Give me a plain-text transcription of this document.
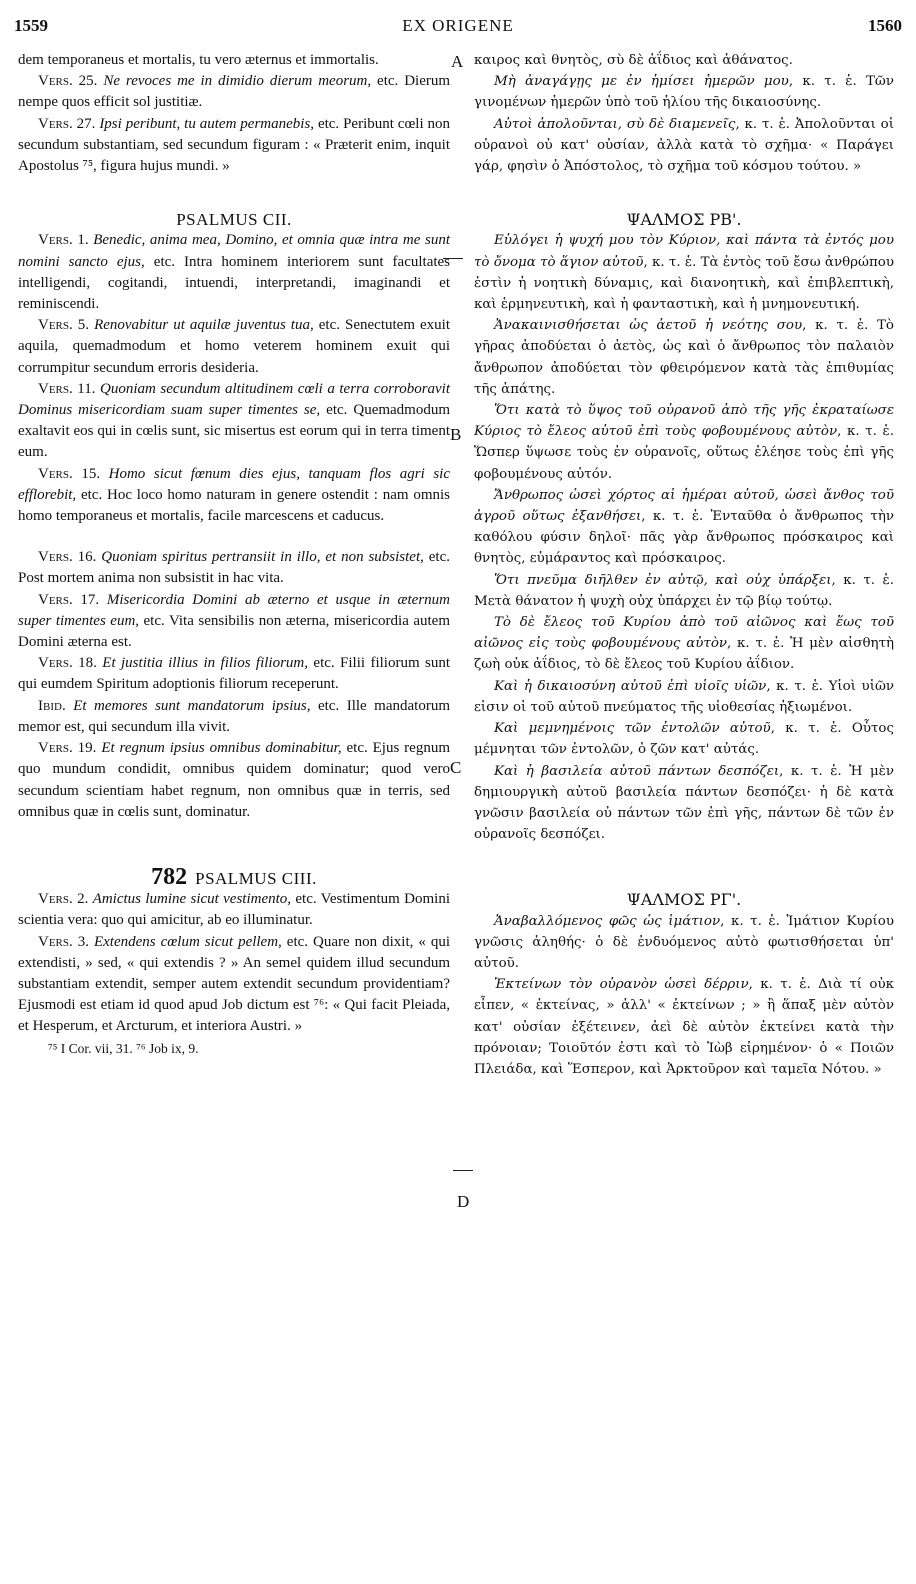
1559	EX ORIGENE	1560
A
B
C
D

dem temporaneus et mortalis, tu vero æternus et immortalis.

Vers. 25. Ne revoces me in dimidio dierum meorum, etc. Dierum nempe quos efficit sol justitiæ.

Vers. 27. Ipsi peribunt, tu autem permanebis, etc. Peribunt cœli non secundum substantiam, sed secundum figuram : « Præterit enim, inquit Apostolus ⁷⁵, figura hujus mundi. »

PSALMUS CII.

Vers. 1. Benedic, anima mea, Domino, et omnia quæ intra me sunt nomini sancto ejus, etc. Intra hominem interiorem sunt facultates intelligendi, cogitandi, intuendi, interpretandi, imaginandi et reminiscendi.

Vers. 5. Renovabitur ut aquilæ juventus tua, etc. Senectutem exuit aquila, quemadmodum et homo veterem hominem exuit qui corrumpitur secundum erroris desideria.

Vers. 11. Quoniam secundum altitudinem cœli a terra corroboravit Dominus misericordiam suam super timentes se, etc. Quemadmodum exaltavit eos qui in cœlis sunt, sic misertus est eorum qui in terra timent eum.

Vers. 15. Homo sicut fœnum dies ejus, tanquam flos agri sic efflorebit, etc. Hoc loco homo naturam in genere ostendit : nam omnis homo temporaneus et mortalis, facile marcescens et caducus.

Vers. 16. Quoniam spiritus pertransiit in illo, et non subsistet, etc. Post mortem anima non subsistit in hac vita.

Vers. 17. Misericordia Domini ab æterno et usque in æternum super timentes eum, etc. Vita sensibilis non æterna, misericordia autem Domini æterna est.

Vers. 18. Et justitia illius in filios filiorum, etc. Filii filiorum sunt qui eumdem Spiritum adoptionis filiorum receperunt.

Ibid. Et memores sunt mandatorum ipsius, etc. Ille mandatorum memor est, qui secundum illa vivit.

Vers. 19. Et regnum ipsius omnibus dominabitur, etc. Ejus regnum quo mundum condidit, omnibus quidem dominatur; quod vero secundum scientiam habet regnum, non omnibus quæ in terris, sed omnibus quæ in cœlis sunt, dominatur.

782 PSALMUS CIII.

Vers. 2. Amictus lumine sicut vestimento, etc. Vestimentum Domini scientia vera: quo qui amicitur, ab eo illuminatur.

Vers. 3. Extendens cœlum sicut pellem, etc. Quare non dixit, « qui extendisti, » sed, « qui extendis ? » An semel quidem illud secundum substantiam extendit, semper autem extendit secundum providentiam? Ejusmodi est etiam id quod apud Job dictum est ⁷⁶: « Qui facit Pleiada, et Hesperum, et Arcturum, et interiora Austri. »

⁷⁵ I Cor. vii, 31. ⁷⁶ Job ix, 9.

καιρος καὶ θνητὸς, σὺ δὲ ἀΐδιος καὶ ἀθάνατος.

Μὴ ἀναγάγῃς με ἐν ἡμίσει ἡμερῶν μου, κ. τ. ἑ. Τῶν γινομένων ἡμερῶν ὑπὸ τοῦ ἡλίου τῆς δικαιοσύνης.

Αὐτοὶ ἀπολοῦνται, σὺ δὲ διαμενεῖς, κ. τ. ἑ. Ἀπολοῦνται οἱ οὐρανοὶ οὐ κατ' οὐσίαν, ἀλλὰ κατὰ τὸ σχῆμα· « Παράγει γάρ, φησὶν ὁ Ἀπόστολος, τὸ σχῆμα τοῦ κόσμου τούτου. »

ΨΑΛΜΟΣ ΡΒ'.

Εὐλόγει ἡ ψυχή μου τὸν Κύριον, καὶ πάντα τὰ ἐντός μου τὸ ὄνομα τὸ ἅγιον αὐτοῦ, κ. τ. ἑ. Τὰ ἐντὸς τοῦ ἔσω ἀνθρώπου ἐστὶν ἡ νοητικὴ δύναμις, καὶ διανοητικὴ, καὶ ἐπιβλεπτικὴ, καὶ ἑρμηνευτικὴ, καὶ ἡ φανταστικὴ, καὶ ἡ μνημονευτική.

Ἀνακαινισθήσεται ὡς ἀετοῦ ἡ νεότης σου, κ. τ. ἑ. Τὸ γῆρας ἀποδύεται ὁ ἀετὸς, ὡς καὶ ὁ ἄνθρωπος τὸν παλαιὸν ἄνθρωπον ἀποδύεται τὸν φθειρόμενον κατὰ τὰς ἐπιθυμίας τῆς ἀπάτης.

Ὅτι κατὰ τὸ ὕψος τοῦ οὐρανοῦ ἀπὸ τῆς γῆς ἐκραταίωσε Κύριος τὸ ἔλεος αὐτοῦ ἐπὶ τοὺς φοβουμένους αὐτὸν, κ. τ. ἑ. Ὥσπερ ὕψωσε τοὺς ἐν οὐρανοῖς, οὕτως ἐλέησε τοὺς ἐπὶ γῆς φοβουμένους αὐτόν.

Ἄνθρωπος ὡσεὶ χόρτος αἱ ἡμέραι αὐτοῦ, ὡσεὶ ἄνθος τοῦ ἀγροῦ οὕτως ἐξανθήσει, κ. τ. ἑ. Ἐνταῦθα ὁ ἄνθρωπος τὴν καθόλου φύσιν δηλοῖ· πᾶς γὰρ ἄνθρωπος πρόσκαιρος καὶ θνητὸς, εὐμάραντος καὶ πρόσκαιρος.

Ὅτι πνεῦμα διῆλθεν ἐν αὐτῷ, καὶ οὐχ ὑπάρξει, κ. τ. ἑ. Μετὰ θάνατον ἡ ψυχὴ οὐχ ὑπάρχει ἐν τῷ βίῳ τούτῳ.

Τὸ δὲ ἔλεος τοῦ Κυρίου ἀπὸ τοῦ αἰῶνος καὶ ἕως τοῦ αἰῶνος εἰς τοὺς φοβουμένους αὐτὸν, κ. τ. ἑ. Ἡ μὲν αἰσθητὴ ζωὴ οὐκ ἀΐδιος, τὸ δὲ ἔλεος τοῦ Κυρίου ἀΐδιον.

Καὶ ἡ δικαιοσύνη αὐτοῦ ἐπὶ υἱοῖς υἱῶν, κ. τ. ἑ. Υἱοὶ υἱῶν εἰσιν οἱ τοῦ αὐτοῦ πνεύματος τῆς υἱοθεσίας ἠξιωμένοι.

Καὶ μεμνημένοις τῶν ἐντολῶν αὐτοῦ, κ. τ. ἑ. Οὗτος μέμνηται τῶν ἐντολῶν, ὁ ζῶν κατ' αὐτάς.

Καὶ ἡ βασιλεία αὐτοῦ πάντων δεσπόζει, κ. τ. ἑ. Ἡ μὲν δημιουργικὴ αὐτοῦ βασιλεία πάντων δεσπόζει· ἡ δὲ κατὰ γνῶσιν βασιλεία οὐ πάντων τῶν ἐπὶ γῆς, πάντων δὲ τῶν ἐν οὐρανοῖς δεσπόζει.

ΨΑΛΜΟΣ ΡΓ'.

Ἀναβαλλόμενος φῶς ὡς ἱμάτιον, κ. τ. ἑ. Ἱμάτιον Κυρίου γνῶσις ἀληθής· ὁ δὲ ἐνδυόμενος αὐτὸ φωτισθήσεται ὑπ' αὐτοῦ.

Ἐκτείνων τὸν οὐρανὸν ὡσεὶ δέρριν, κ. τ. ἑ. Διὰ τί οὐκ εἶπεν, « ἐκτείνας, » ἀλλ' « ἐκτείνων ; » ἢ ἅπαξ μὲν αὐτὸν κατ' οὐσίαν ἐξέτεινεν, ἀεὶ δὲ αὐτὸν ἐκτείνει κατὰ τὴν πρόνοιαν; Τοιοῦτόν ἐστι καὶ τὸ Ἰὼβ εἰρημένον· ὁ « Ποιῶν Πλειάδα, καὶ Ἕσπερον, καὶ Ἀρκτοῦρον καὶ ταμεῖα Νότου. »
